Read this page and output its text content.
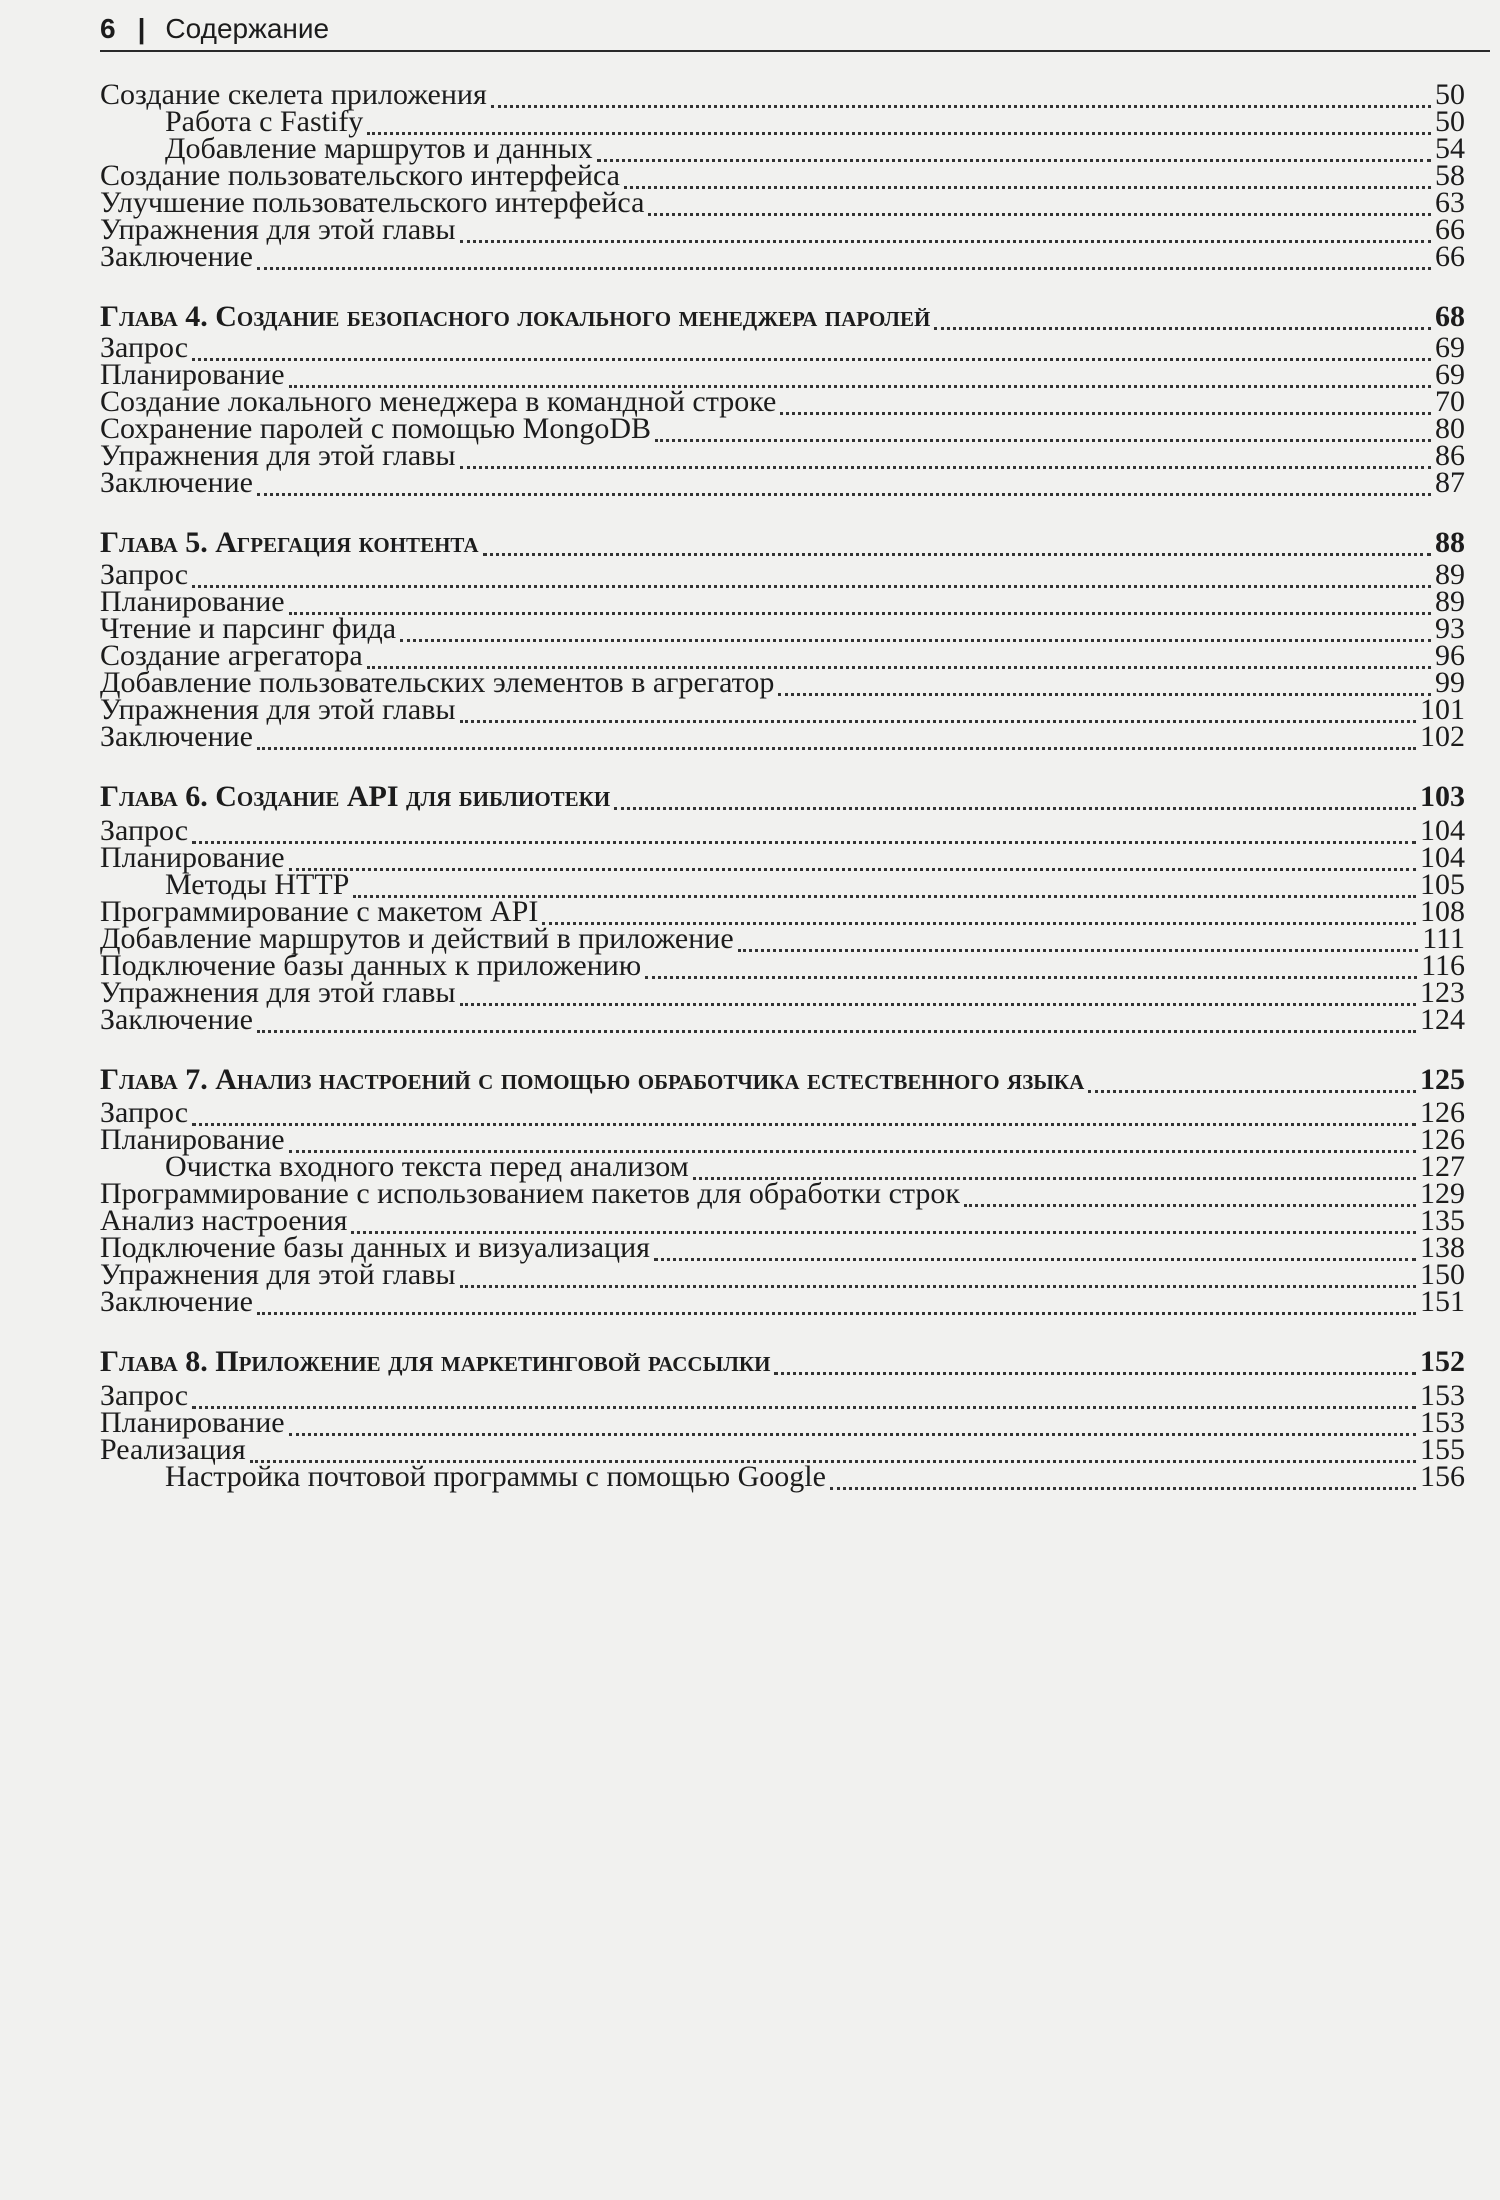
6 | Содержание
Создание скелета приложения	50
Работа с Fastify	50
Добавление маршрутов и данных	54
Создание пользовательского интерфейса	58
Улучшение пользовательского интерфейса	63
Упражнения для этой главы	66
Заключение	66
Глава 4. Создание безопасного локального менеджера паролей	68
Запрос	69
Планирование	69
Создание локального менеджера в командной строке	70
Сохранение паролей с помощью MongoDB	80
Упражнения для этой главы	86
Заключение	87
Глава 5. Агрегация контента	88
Запрос	89
Планирование	89
Чтение и парсинг фида	93
Создание агрегатора	96
Добавление пользовательских элементов в агрегатор	99
Упражнения для этой главы	101
Заключение	102
Глава 6. Создание API для библиотеки	103
Запрос	104
Планирование	104
Методы HTTP	105
Программирование с макетом API	108
Добавление маршрутов и действий в приложение	111
Подключение базы данных к приложению	116
Упражнения для этой главы	123
Заключение	124
Глава 7. Анализ настроений с помощью обработчика естественного языка	125
Запрос	126
Планирование	126
Очистка входного текста перед анализом	127
Программирование с использованием пакетов для обработки строк	129
Анализ настроения	135
Подключение базы данных и визуализация	138
Упражнения для этой главы	150
Заключение	151
Глава 8. Приложение для маркетинговой рассылки	152
Запрос	153
Планирование	153
Реализация	155
Настройка почтовой программы с помощью Google	156
